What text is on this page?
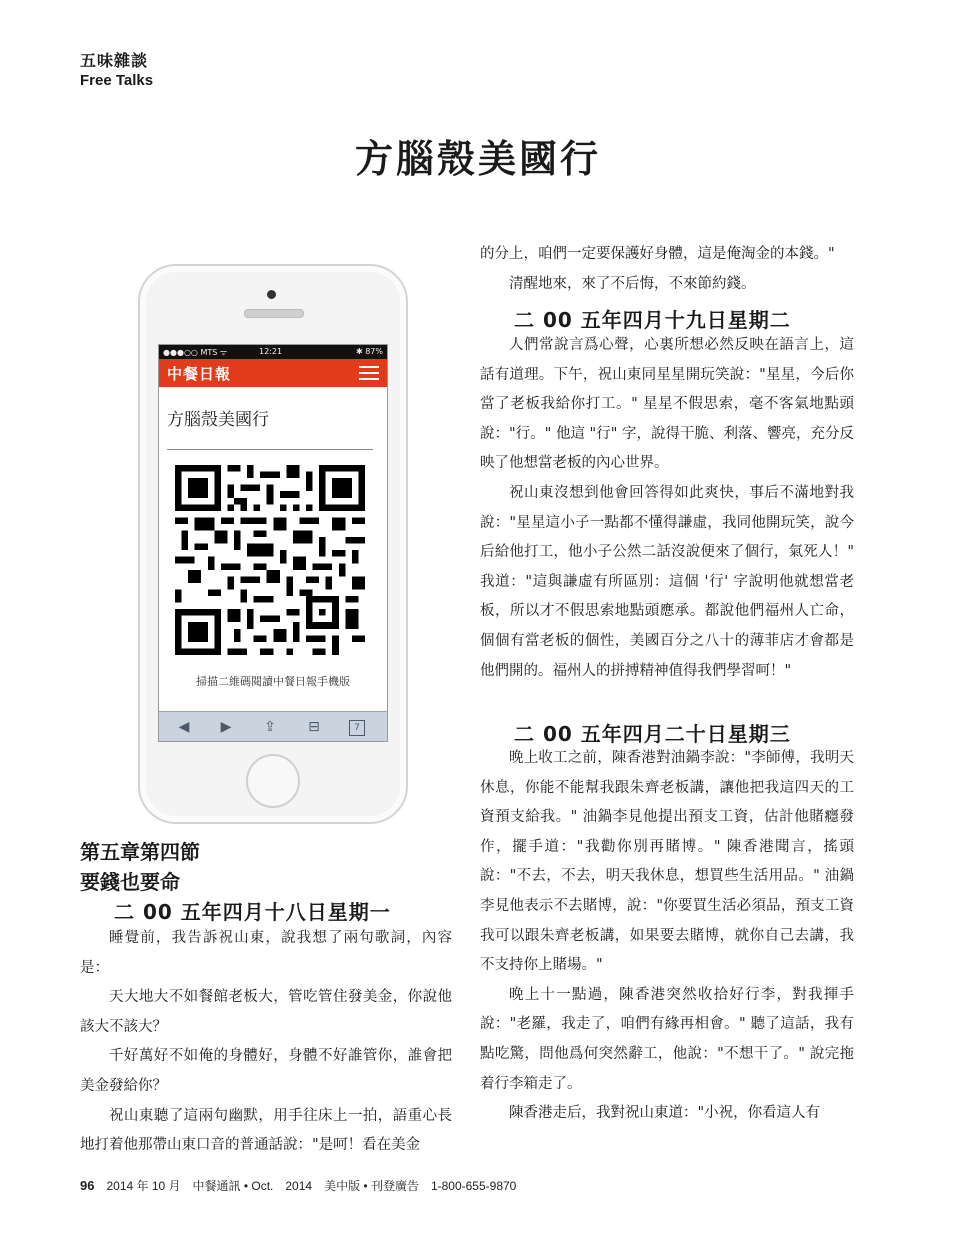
五味雜談
Free Talks
方腦殼美國行
●●●○○ MTS ᯤ	12:21	✱ 87%
中餐日報
方腦殼美國行
掃描二維碼閱讀中餐日報手機版
◀ ▶ ⇪ ⊟	7
第五章第四節
要錢也要命
二 00 五年四月十八日星期一

睡覺前，我告訴祝山東，說我想了兩句歌詞，內容是：

天大地大不如餐館老板大，管吃管住發美金，你說他該大不該大？

千好萬好不如俺的身體好，身體不好誰管你，誰會把美金發給你？

祝山東聽了這兩句幽默，用手往床上一拍，語重心長地打着他那帶山東口音的普通話說："是呵！看在美金

的分上，咱們一定要保護好身體，這是俺淘金的本錢。"

清醒地來，來了不后悔，不來節約錢。

二 00 五年四月十九日星期二

人們常說言爲心聲，心裏所想必然反映在語言上，這話有道理。下午，祝山東同星星開玩笑說："星星，今后你當了老板我給你打工。" 星星不假思索，毫不客氣地點頭說："行。" 他這 "行" 字，說得干脆、利落、響亮，充分反映了他想當老板的內心世界。

祝山東沒想到他會回答得如此爽快，事后不滿地對我說："星星這小子一點都不懂得謙虛，我同他開玩笑，說今后給他打工，他小子公然二話沒說便來了個行，氣死人！" 我道："這與謙虛有所區別：這個 '行' 字說明他就想當老板，所以才不假思索地點頭應承。都說他們福州人亡命，個個有當老板的個性，美國百分之八十的薄菲店才會都是他們開的。福州人的拼搏精神值得我們學習呵！"

二 00 五年四月二十日星期三

晚上收工之前，陳香港對油鍋李說："李師傅，我明天休息，你能不能幫我跟朱齊老板講，讓他把我這四天的工資預支給我。" 油鍋李見他提出預支工資，估計他賭癮發作，擺手道："我勸你別再賭博。" 陳香港聞言，搖頭說："不去，不去，明天我休息，想買些生活用品。" 油鍋李見他表示不去賭博，說："你要買生活必須品，預支工資我可以跟朱齊老板講，如果要去賭博，就你自己去講，我不支持你上賭場。"

晚上十一點過，陳香港突然收拾好行李，對我揮手說："老羅，我走了，咱們有緣再相會。" 聽了這話，我有點吃驚，問他爲何突然辭工，他說："不想干了。" 說完拖着行李箱走了。

陳香港走后，我對祝山東道："小祝，你看這人有

96 2014 年 10 月　中餐通訊 • Oct.　2014　美中版 • 刊登廣告　1-800-655-9870
